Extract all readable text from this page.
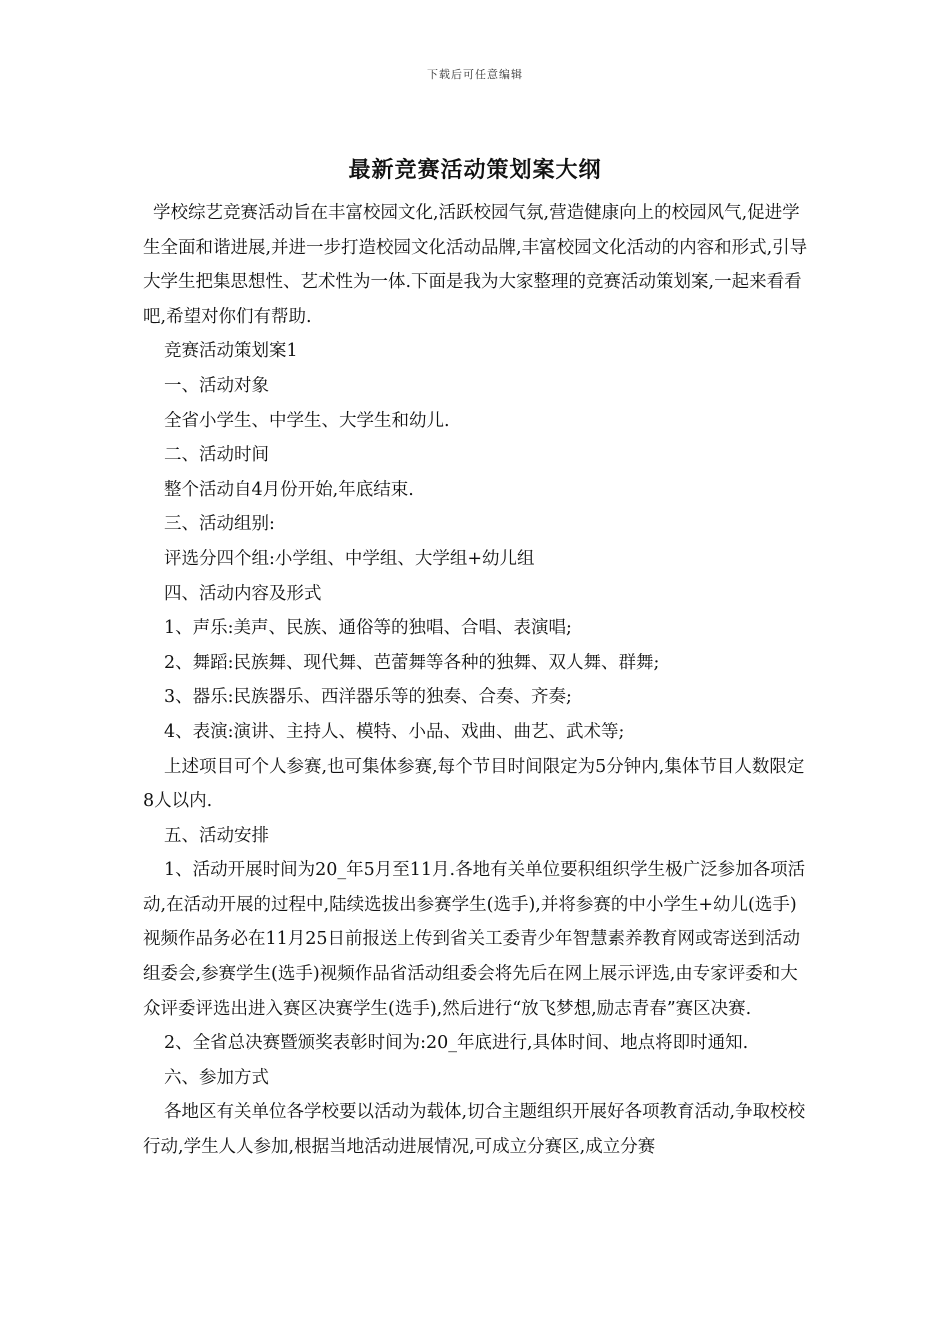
下载后可任意编辑
最新竞赛活动策划案大纲

学校综艺竞赛活动旨在丰富校园文化,活跃校园气氛,营造健康向上的校园风气,促进学生全面和谐进展,并进一步打造校园文化活动品牌,丰富校园文化活动的内容和形式,引导大学生把集思想性、艺术性为一体.下面是我为大家整理的竞赛活动策划案,一起来看看吧,希望对你们有帮助.

竞赛活动策划案1

一、活动对象

全省小学生、中学生、大学生和幼儿.

二、活动时间

整个活动自4月份开始,年底结束.

三、活动组别:

评选分四个组:小学组、中学组、大学组+幼儿组

四、活动内容及形式

1、声乐:美声、民族、通俗等的独唱、合唱、表演唱;

2、舞蹈:民族舞、现代舞、芭蕾舞等各种的独舞、双人舞、群舞;

3、器乐:民族器乐、西洋器乐等的独奏、合奏、齐奏;

4、表演:演讲、主持人、模特、小品、戏曲、曲艺、武术等;

上述项目可个人参赛,也可集体参赛,每个节目时间限定为5分钟内,集体节目人数限定8人以内.

五、活动安排

1、活动开展时间为20_年5月至11月.各地有关单位要积组织学生极广泛参加各项活动,在活动开展的过程中,陆续选拔出参赛学生(选手),并将参赛的中小学生+幼儿(选手)视频作品务必在11月25日前报送上传到省关工委青少年智慧素养教育网或寄送到活动组委会,参赛学生(选手)视频作品省活动组委会将先后在网上展示评选,由专家评委和大众评委评选出进入赛区决赛学生(选手),然后进行“放飞梦想,励志青春”赛区决赛.

2、全省总决赛暨颁奖表彰时间为:20_年底进行,具体时间、地点将即时通知.

六、参加方式

各地区有关单位各学校要以活动为载体,切合主题组织开展好各项教育活动,争取校校行动,学生人人参加,根据当地活动进展情况,可成立分赛区,成立分赛
